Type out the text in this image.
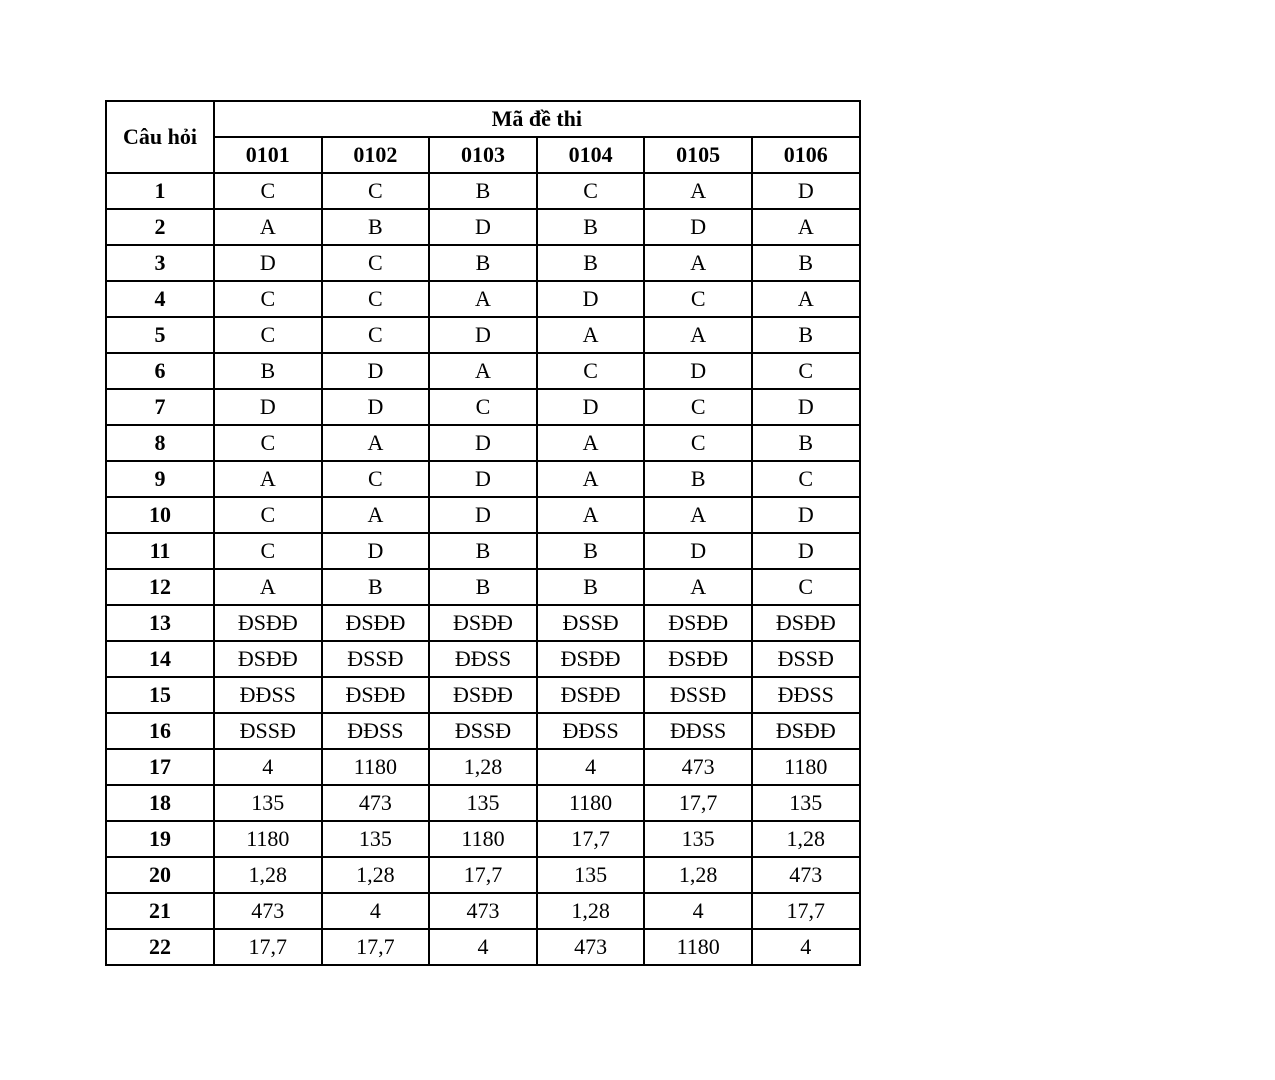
Câu hỏi	Mã đề thi					
	0101	0102	0103	0104	0105	0106
1	C	C	B	C	A	D
2	A	B	D	B	D	A
3	D	C	B	B	A	B
4	C	C	A	D	C	A
5	C	C	D	A	A	B
6	B	D	A	C	D	C
7	D	D	C	D	C	D
8	C	A	D	A	C	B
9	A	C	D	A	B	C
10	C	A	D	A	A	D
11	C	D	B	B	D	D
12	A	B	B	B	A	C
13	ĐSĐĐ	ĐSĐĐ	ĐSĐĐ	ĐSSĐ	ĐSĐĐ	ĐSĐĐ
14	ĐSĐĐ	ĐSSĐ	ĐĐSS	ĐSĐĐ	ĐSĐĐ	ĐSSĐ
15	ĐĐSS	ĐSĐĐ	ĐSĐĐ	ĐSĐĐ	ĐSSĐ	ĐĐSS
16	ĐSSĐ	ĐĐSS	ĐSSĐ	ĐĐSS	ĐĐSS	ĐSĐĐ
17	4	1180	1,28	4	473	1180
18	135	473	135	1180	17,7	135
19	1180	135	1180	17,7	135	1,28
20	1,28	1,28	17,7	135	1,28	473
21	473	4	473	1,28	4	17,7
22	17,7	17,7	4	473	1180	4
